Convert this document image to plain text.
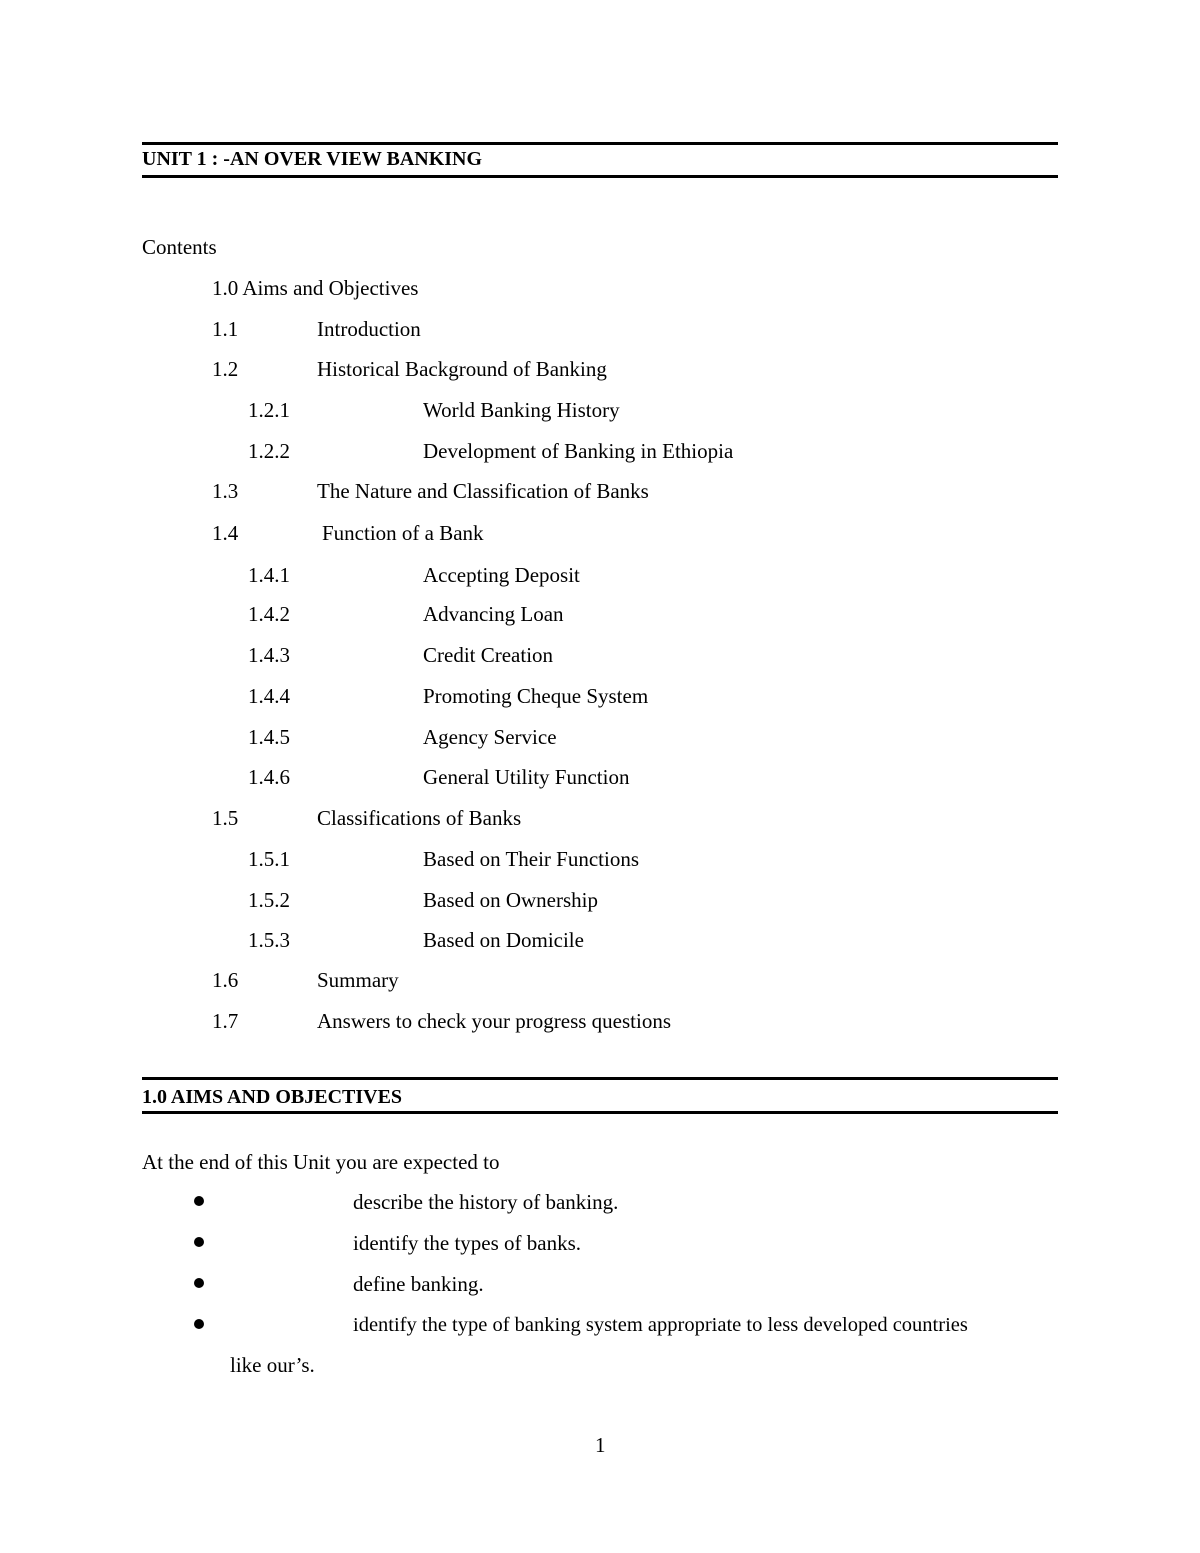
UNIT 1 : -AN OVER VIEW BANKING
Contents
1.0 Aims and Objectives
1.1	Introduction
1.2	Historical Background of Banking
1.2.1	World Banking History
1.2.2	Development of Banking in Ethiopia
1.3	The Nature and Classification of Banks
1.4	Function of a Bank
1.4.1	Accepting Deposit
1.4.2	Advancing Loan
1.4.3	Credit Creation
1.4.4	Promoting Cheque System
1.4.5	Agency Service
1.4.6	General Utility Function
1.5	Classifications of Banks
1.5.1	Based on Their Functions
1.5.2	Based on Ownership
1.5.3	Based on Domicile
1.6	Summary
1.7	Answers to check your progress questions
1.0 AIMS AND OBJECTIVES
At the end of this Unit you are expected to
describe the history of banking.
identify the types of banks.
define banking.
identify the type of banking system appropriate to less developed countries
like our’s.
1
